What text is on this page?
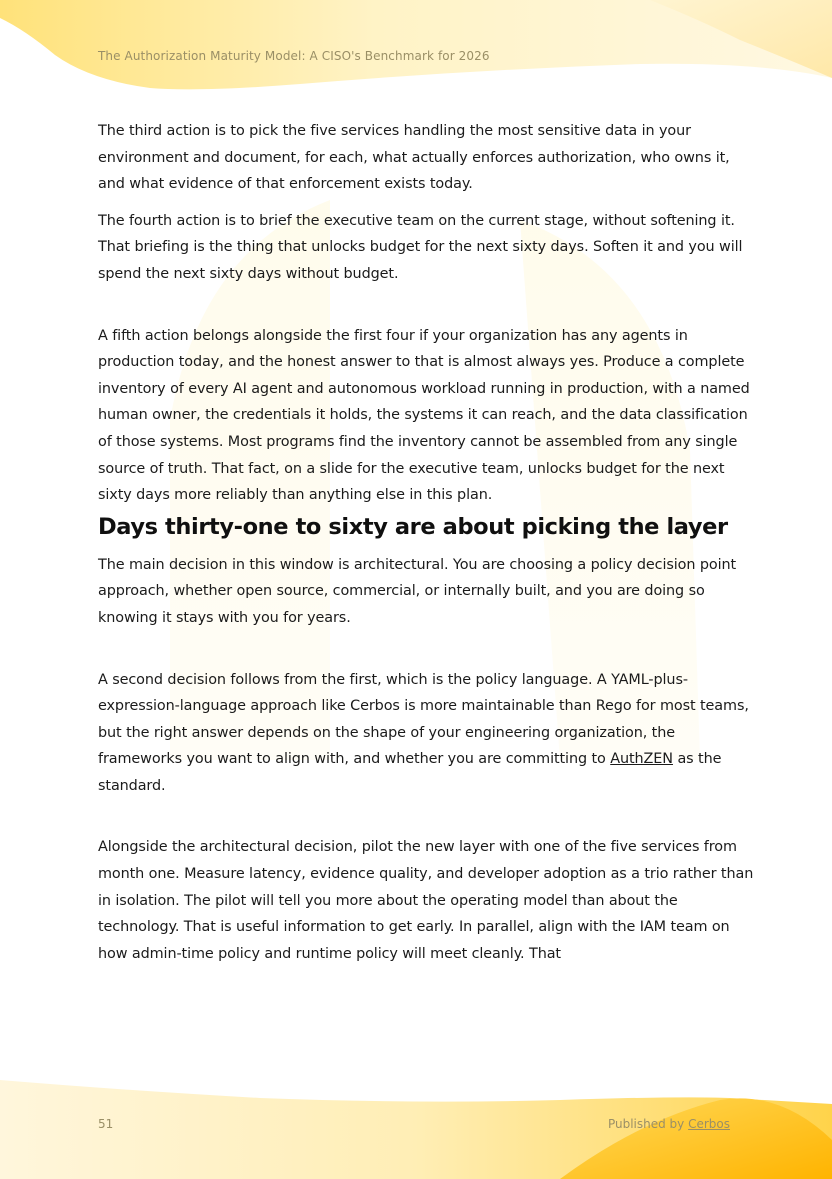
The Authorization Maturity Model: A CISO's Benchmark for 2026

The third action is to pick the five services handling the most sensitive data in your environment and document, for each, what actually enforces authorization, who owns it, and what evidence of that enforcement exists today.

The fourth action is to brief the executive team on the current stage, without softening it. That briefing is the thing that unlocks budget for the next sixty days. Soften it and you will spend the next sixty days without budget.

A fifth action belongs alongside the first four if your organization has any agents in production today, and the honest answer to that is almost always yes. Produce a complete inventory of every AI agent and autonomous workload running in production, with a named human owner, the credentials it holds, the systems it can reach, and the data classification of those systems. Most programs find the inventory cannot be assembled from any single source of truth. That fact, on a slide for the executive team, unlocks budget for the next sixty days more reliably than anything else in this plan.

Days thirty-one to sixty are about picking the layer

The main decision in this window is architectural. You are choosing a policy decision point approach, whether open source, commercial, or internally built, and you are doing so knowing it stays with you for years.

A second decision follows from the first, which is the policy language. A YAML-plus-expression-language approach like Cerbos is more maintainable than Rego for most teams, but the right answer depends on the shape of your engineering organization, the frameworks you want to align with, and whether you are committing to AuthZEN as the standard.

Alongside the architectural decision, pilot the new layer with one of the five services from month one. Measure latency, evidence quality, and developer adoption as a trio rather than in isolation. The pilot will tell you more about the operating model than about the technology. That is useful information to get early. In parallel, align with the IAM team on how admin-time policy and runtime policy will meet cleanly. That

51	Published by Cerbos
